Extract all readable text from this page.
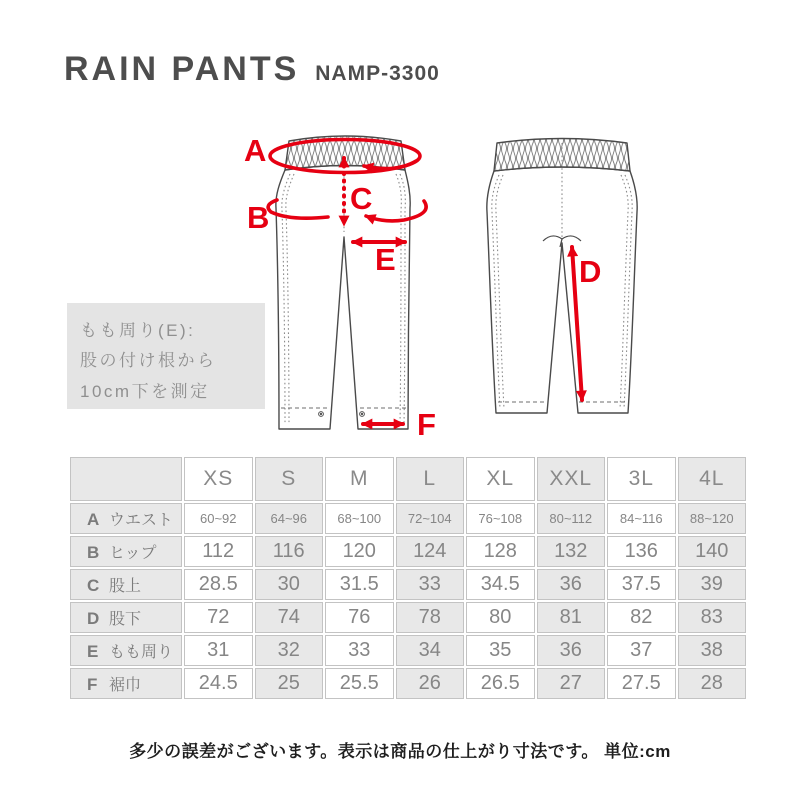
RAIN PANTS NAMP-3300
A
B
C
E
F
D
もも周り(E):
股の付け根から
10cm下を測定
	XS	S	M	L	XL	XXL	3L	4L
A ウエスト	60~92	64~96	68~100	72~104	76~108	80~112	84~116	88~120
B ヒップ	112	116	120	124	128	132	136	140
C 股上	28.5	30	31.5	33	34.5	36	37.5	39
D 股下	72	74	76	78	80	81	82	83
E もも周り	31	32	33	34	35	36	37	38
F 裾巾	24.5	25	25.5	26	26.5	27	27.5	28
多少の誤差がございます。表示は商品の仕上がり寸法です。 単位:cm
